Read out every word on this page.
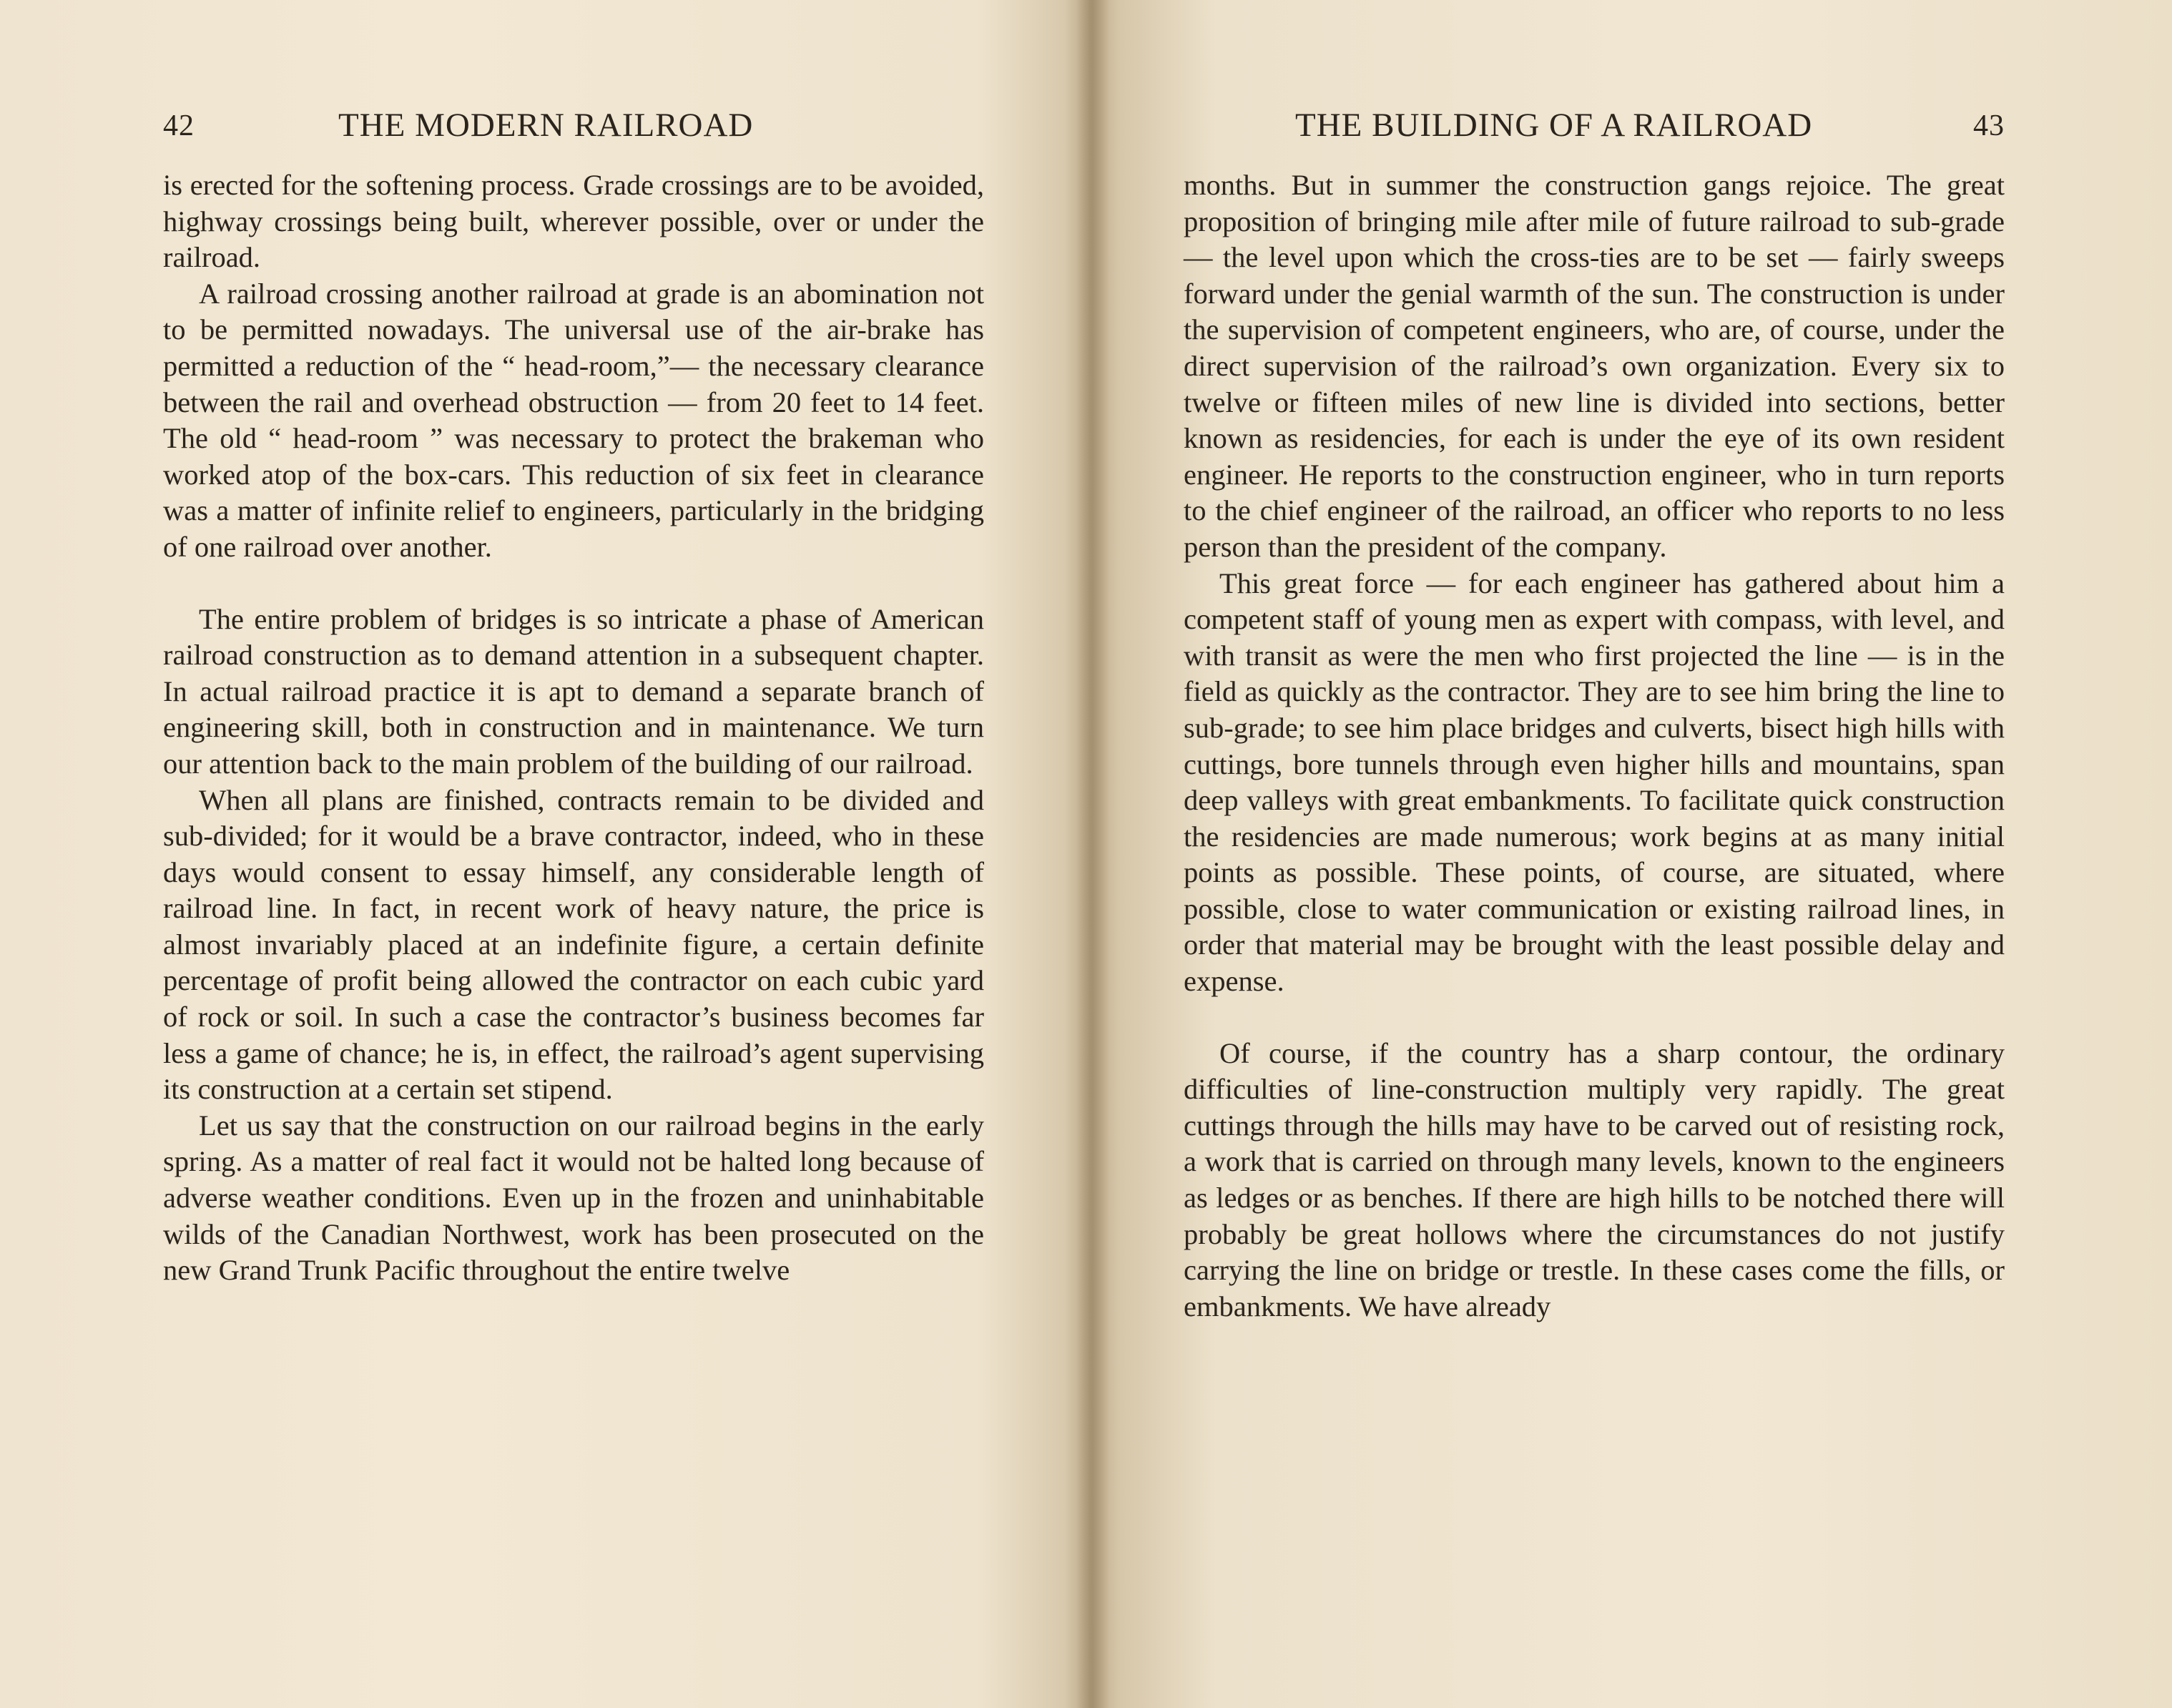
42	THE MODERN RAILROAD

is erected for the softening process. Grade crossings are to be avoided, highway crossings being built, wherever possible, over or under the railroad.

A railroad crossing another railroad at grade is an abomination not to be permitted nowadays. The universal use of the air-brake has permitted a reduction of the “ head-room,”— the necessary clearance between the rail and overhead obstruction — from 20 feet to 14 feet. The old “ head-room ” was necessary to protect the brakeman who worked atop of the box-cars. This reduction of six feet in clearance was a matter of infinite relief to engineers, particularly in the bridging of one railroad over another.

The entire problem of bridges is so intricate a phase of American railroad construction as to demand attention in a subsequent chapter. In actual railroad practice it is apt to demand a separate branch of engineering skill, both in construction and in maintenance. We turn our attention back to the main problem of the building of our railroad.

When all plans are finished, contracts remain to be divided and sub-divided; for it would be a brave contractor, indeed, who in these days would consent to essay himself, any considerable length of railroad line. In fact, in recent work of heavy nature, the price is almost invariably placed at an indefinite figure, a certain definite percentage of profit being allowed the contractor on each cubic yard of rock or soil. In such a case the contractor’s business becomes far less a game of chance; he is, in effect, the railroad’s agent supervising its construction at a certain set stipend.

Let us say that the construction on our railroad begins in the early spring. As a matter of real fact it would not be halted long because of adverse weather conditions. Even up in the frozen and uninhabitable wilds of the Canadian Northwest, work has been prosecuted on the new Grand Trunk Pacific throughout the entire twelve

THE BUILDING OF A RAILROAD	43

months. But in summer the construction gangs rejoice. The great proposition of bringing mile after mile of future railroad to sub-grade — the level upon which the cross-ties are to be set — fairly sweeps forward under the genial warmth of the sun. The construction is under the supervision of competent engineers, who are, of course, under the direct supervision of the railroad’s own organization. Every six to twelve or fifteen miles of new line is divided into sections, better known as residencies, for each is under the eye of its own resident engineer. He reports to the construction engineer, who in turn reports to the chief engineer of the railroad, an officer who reports to no less person than the president of the company.

This great force — for each engineer has gathered about him a competent staff of young men as expert with compass, with level, and with transit as were the men who first projected the line — is in the field as quickly as the contractor. They are to see him bring the line to sub-grade; to see him place bridges and culverts, bisect high hills with cuttings, bore tunnels through even higher hills and mountains, span deep valleys with great embankments. To facilitate quick construction the residencies are made numerous; work begins at as many initial points as possible. These points, of course, are situated, where possible, close to water communication or existing railroad lines, in order that material may be brought with the least possible delay and expense.

Of course, if the country has a sharp contour, the ordinary difficulties of line-construction multiply very rapidly. The great cuttings through the hills may have to be carved out of resisting rock, a work that is carried on through many levels, known to the engineers as ledges or as benches. If there are high hills to be notched there will probably be great hollows where the circumstances do not justify carrying the line on bridge or trestle. In these cases come the fills, or embankments. We have already
